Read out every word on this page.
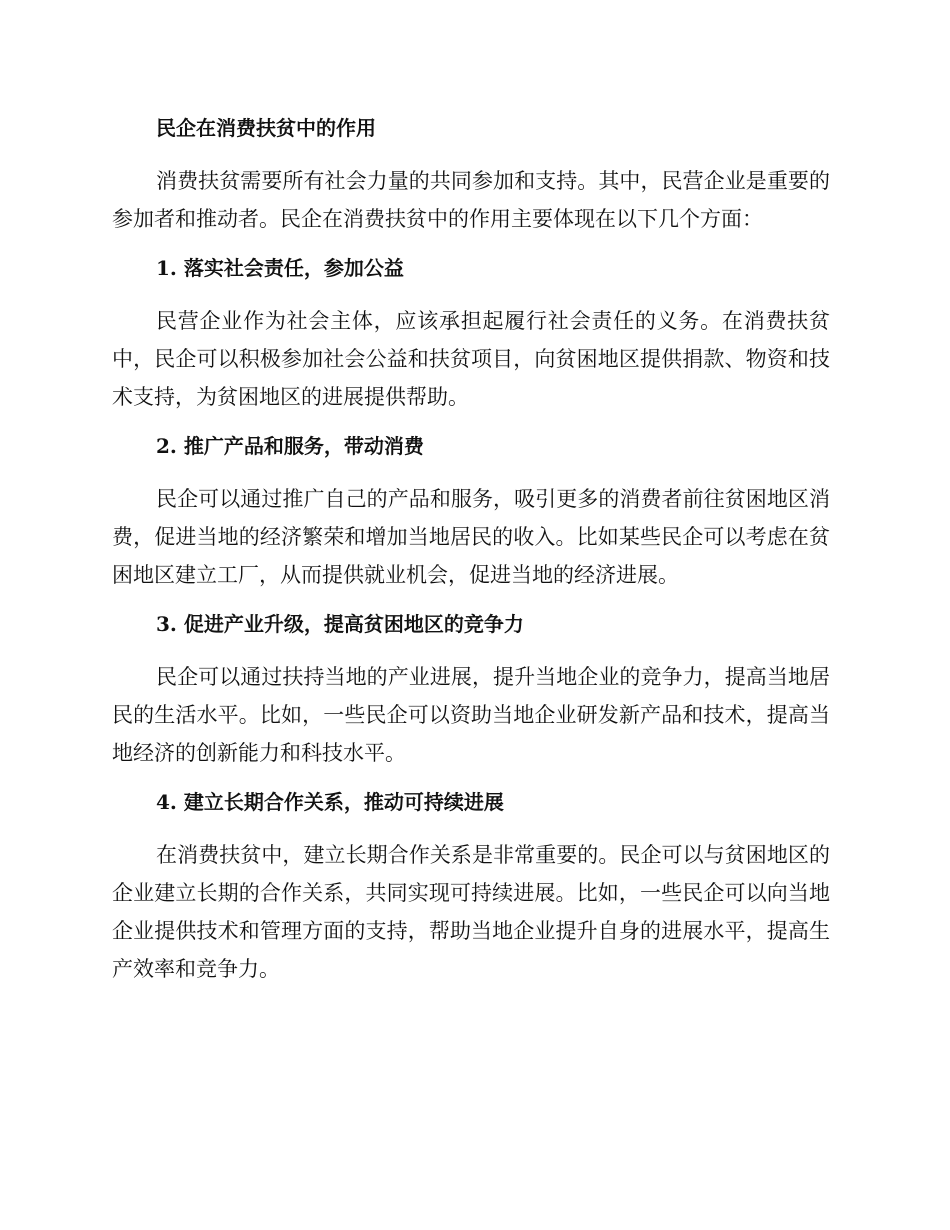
民企在消费扶贫中的作用

消费扶贫需要所有社会力量的共同参加和支持。其中，民营企业是重要的参加者和推动者。民企在消费扶贫中的作用主要体现在以下几个方面：

1. 落实社会责任，参加公益

民营企业作为社会主体，应该承担起履行社会责任的义务。在消费扶贫中，民企可以积极参加社会公益和扶贫项目，向贫困地区提供捐款、物资和技术支持，为贫困地区的进展提供帮助。

2. 推广产品和服务，带动消费

民企可以通过推广自己的产品和服务，吸引更多的消费者前往贫困地区消费，促进当地的经济繁荣和增加当地居民的收入。比如某些民企可以考虑在贫困地区建立工厂，从而提供就业机会，促进当地的经济进展。

3. 促进产业升级，提高贫困地区的竞争力

民企可以通过扶持当地的产业进展，提升当地企业的竞争力，提高当地居民的生活水平。比如，一些民企可以资助当地企业研发新产品和技术，提高当地经济的创新能力和科技水平。

4. 建立长期合作关系，推动可持续进展

在消费扶贫中，建立长期合作关系是非常重要的。民企可以与贫困地区的企业建立长期的合作关系，共同实现可持续进展。比如，一些民企可以向当地企业提供技术和管理方面的支持，帮助当地企业提升自身的进展水平，提高生产效率和竞争力。
